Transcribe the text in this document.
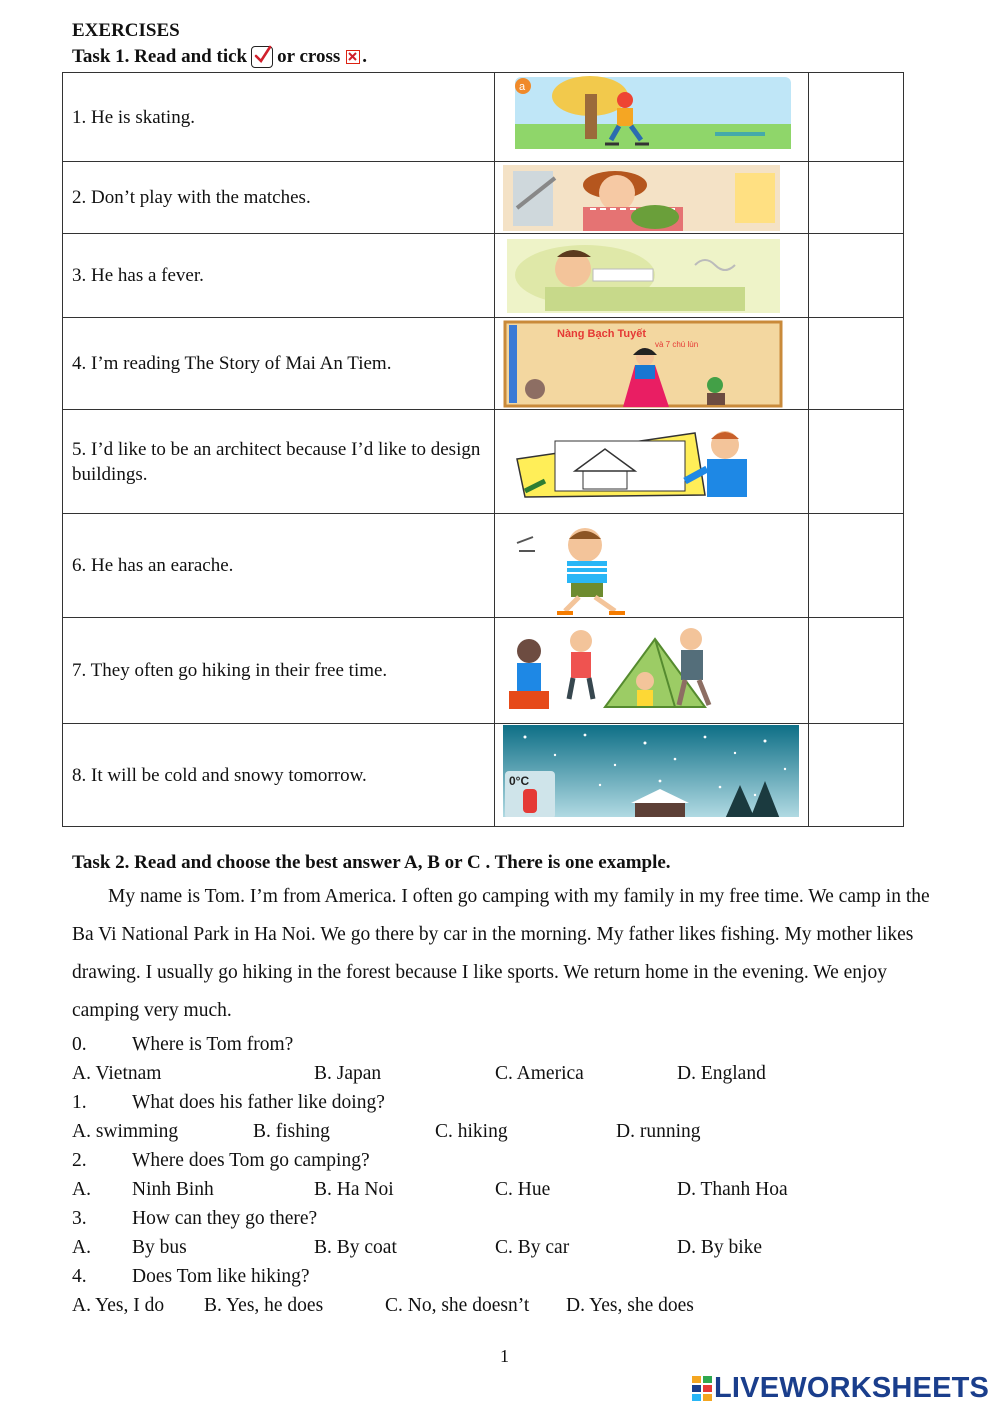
EXERCISES
Task 1. Read and tick or cross .
1. He is skating.	a	

2. Don’t play with the matches.	

3. He has a fever.	

4. I’m reading The Story of Mai An Tiem.	Nàng Bạch Tuyết
và 7 chú lùn	

5. I’d like to be an architect because I’d like to design buildings.	

6. He has an earache.	

7. They often go hiking in their free time.	

8. It will be cold and snowy tomorrow.	0°C	

Task 2. Read and choose the best answer A, B or C . There is one example.
My name is Tom. I’m from America. I often go camping with my family in my free time. We camp in the Ba Vi National Park in Ha Noi. We go there by car in the morning. My father likes fishing. My mother likes drawing. I usually go hiking in the forest because I like sports. We return home in the evening. We enjoy camping very much.
0. Where is Tom from?
A. Vietnam	B. Japan	C. America	D. England
1. What does his father like doing?
A. swimming	B. fishing	C. hiking	D. running
2. Where does Tom go camping?
A. Ninh Binh	B. Ha Noi	C. Hue	D. Thanh Hoa
3. How can they go there?
A. By bus	B. By coat	C. By car	D. By bike
4. Does Tom like hiking?
A. Yes, I do B. Yes, he does	C. No, she doesn’t D. Yes, she does
1
LIVEWORKSHEETS
